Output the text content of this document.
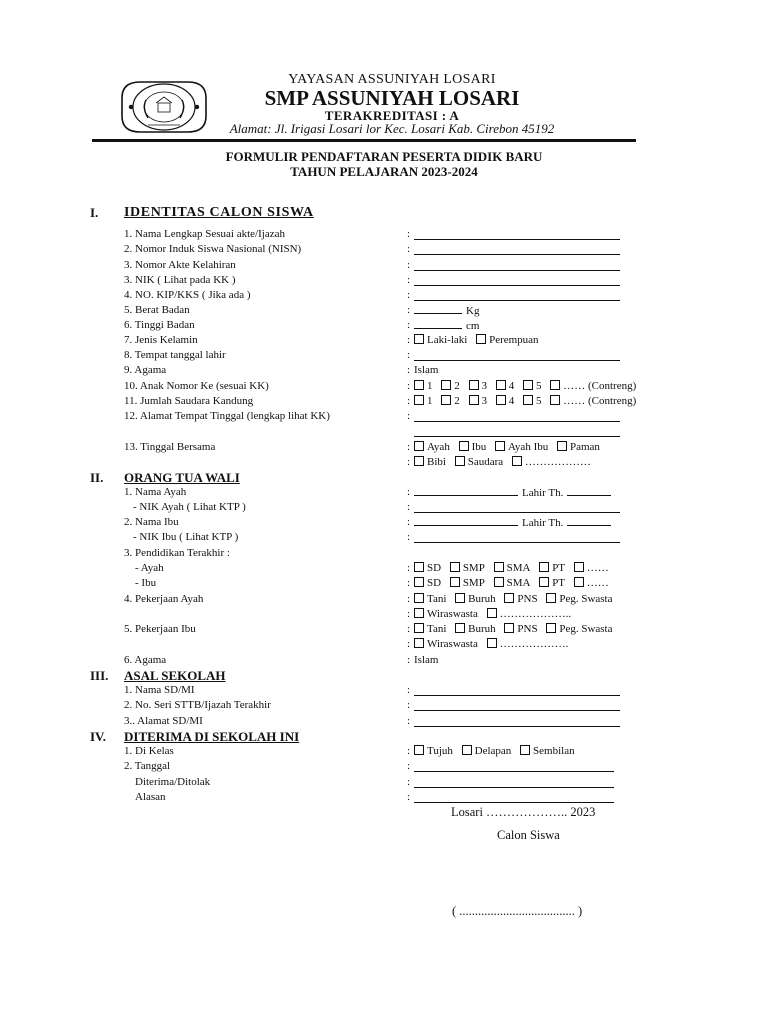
YAYASAN ASSUNIYAH LOSARI
SMP ASSUNIYAH LOSARI
TERAKREDITASI : A
Alamat: Jl. Irigasi Losari lor Kec. Losari Kab. Cirebon 45192
FORMULIR PENDAFTARAN PESERTA DIDIK BARU
TAHUN PELAJARAN 2023-2024
I. IDENTITAS CALON SISWA
1. Nama Lengkap Sesuai akte/Ijazah	:
2. Nomor Induk Siswa Nasional (NISN)	:
3. Nomor Akte Kelahiran	:
3. NIK ( Lihat pada KK )	:
4. NO. KIP/KKS ( Jika ada )	:
5. Berat Badan	:	Kg
6. Tinggi Badan	:	cm
7. Jenis Kelamin	:	Laki-laki Perempuan
8. Tempat tanggal lahir	:
9. Agama	: Islam
10. Anak Nomor Ke (sesuai KK)	:	1 2 3 4 5 …… (Contreng)
11. Jumlah Saudara Kandung	:	1 2 3 4 5 …… (Contreng)
12. Alamat Tempat Tinggal (lengkap lihat KK)	:
13. Tinggal Bersama	:	Ayah Ibu Ayah Ibu Paman
:	Bibi Saudara ………………
II. ORANG TUA WALI
1. Nama Ayah	:	Lahir Th.
- NIK Ayah ( Lihat KTP )	:
2. Nama Ibu	:	Lahir Th.
- NIK Ibu ( Lihat KTP )	:
3. Pendidikan Terakhir :
- Ayah	:	SD SMP SMA PT ……
- Ibu	:	SD SMP SMA PT ……
4. Pekerjaan Ayah	:	Tani Buruh PNS Peg. Swasta
:	Wiraswasta ………………..
5. Pekerjaan Ibu	:	Tani Buruh PNS Peg. Swasta
:	Wiraswasta ……………….
6. Agama	: Islam
III. ASAL SEKOLAH
1. Nama SD/MI	:
2. No. Seri STTB/Ijazah Terakhir	:
3.. Alamat SD/MI	:
IV. DITERIMA DI SEKOLAH INI
1. Di Kelas	:	Tujuh Delapan Sembilan
2. Tanggal	:
Diterima/Ditolak	:
Alasan	:
Losari ……………….. 2023
Calon Siswa
( ..................................... )
